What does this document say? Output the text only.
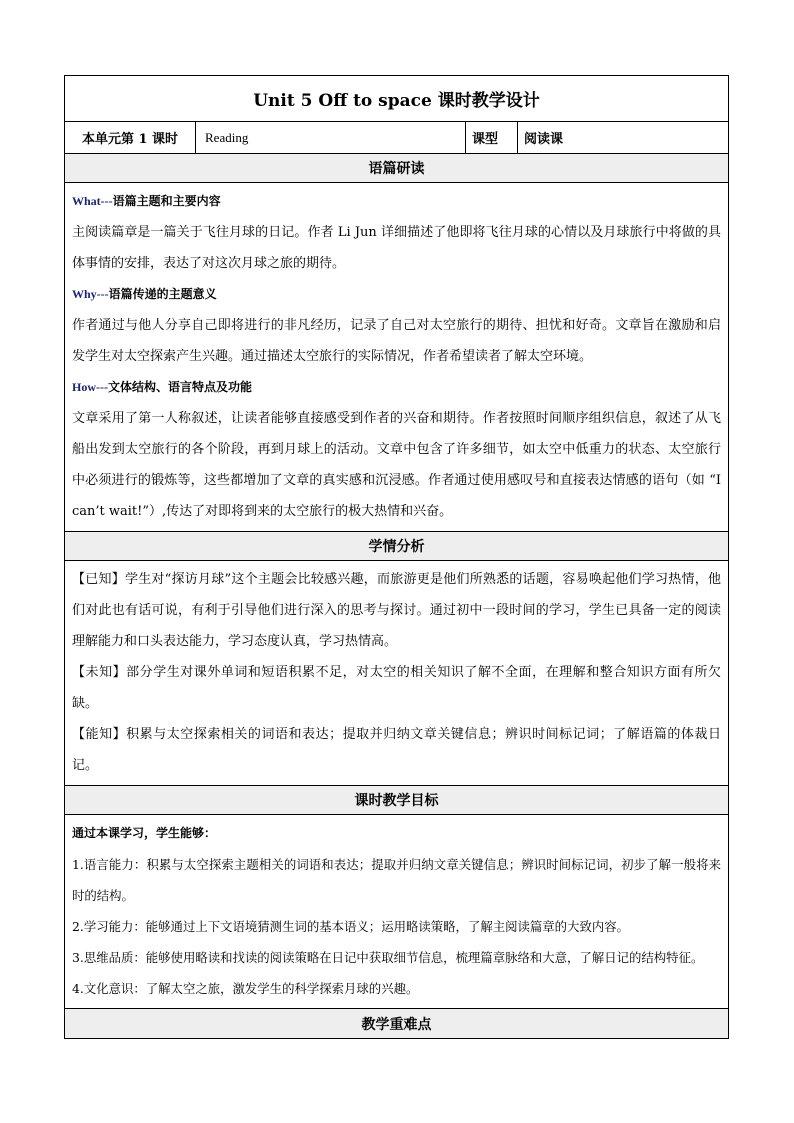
Unit 5 Off to space 课时教学设计
本单元第 1 课时	Reading	课型	阅读课
语篇研读
What---语篇主题和主要内容

主阅读篇章是一篇关于飞往月球的日记。作者 Li Jun 详细描述了他即将飞往月球的心情以及月球旅行中将做的具体事情的安排，表达了对这次月球之旅的期待。

Why---语篇传递的主题意义

作者通过与他人分享自己即将进行的非凡经历，记录了自己对太空旅行的期待、担忧和好奇。文章旨在激励和启发学生对太空探索产生兴趣。通过描述太空旅行的实际情况，作者希望读者了解太空环境。

How---文体结构、语言特点及功能

文章采用了第一人称叙述，让读者能够直接感受到作者的兴奋和期待。作者按照时间顺序组织信息，叙述了从飞船出发到太空旅行的各个阶段，再到月球上的活动。文章中包含了许多细节，如太空中低重力的状态、太空旅行中必须进行的锻炼等，这些都增加了文章的真实感和沉浸感。作者通过使用感叹号和直接表达情感的语句（如 “I can’t wait!”）,传达了对即将到来的太空旅行的极大热情和兴奋。

学情分析

【已知】学生对“探访月球”这个主题会比较感兴趣，而旅游更是他们所熟悉的话题，容易唤起他们学习热情，他们对此也有话可说，有利于引导他们进行深入的思考与探讨。通过初中一段时间的学习，学生已具备一定的阅读理解能力和口头表达能力，学习态度认真，学习热情高。

【未知】部分学生对课外单词和短语积累不足，对太空的相关知识了解不全面，在理解和整合知识方面有所欠缺。

【能知】积累与太空探索相关的词语和表达；提取并归纳文章关键信息；辨识时间标记词；了解语篇的体裁日记。

课时教学目标

通过本课学习，学生能够：

1.语言能力：积累与太空探索主题相关的词语和表达；提取并归纳文章关键信息；辨识时间标记词，初步了解一般将来时的结构。

2.学习能力：能够通过上下文语境猜测生词的基本语义；运用略读策略，了解主阅读篇章的大致内容。

3.思维品质：能够使用略读和找读的阅读策略在日记中获取细节信息，梳理篇章脉络和大意，了解日记的结构特征。

4.文化意识：了解太空之旅，激发学生的科学探索月球的兴趣。

教学重难点
